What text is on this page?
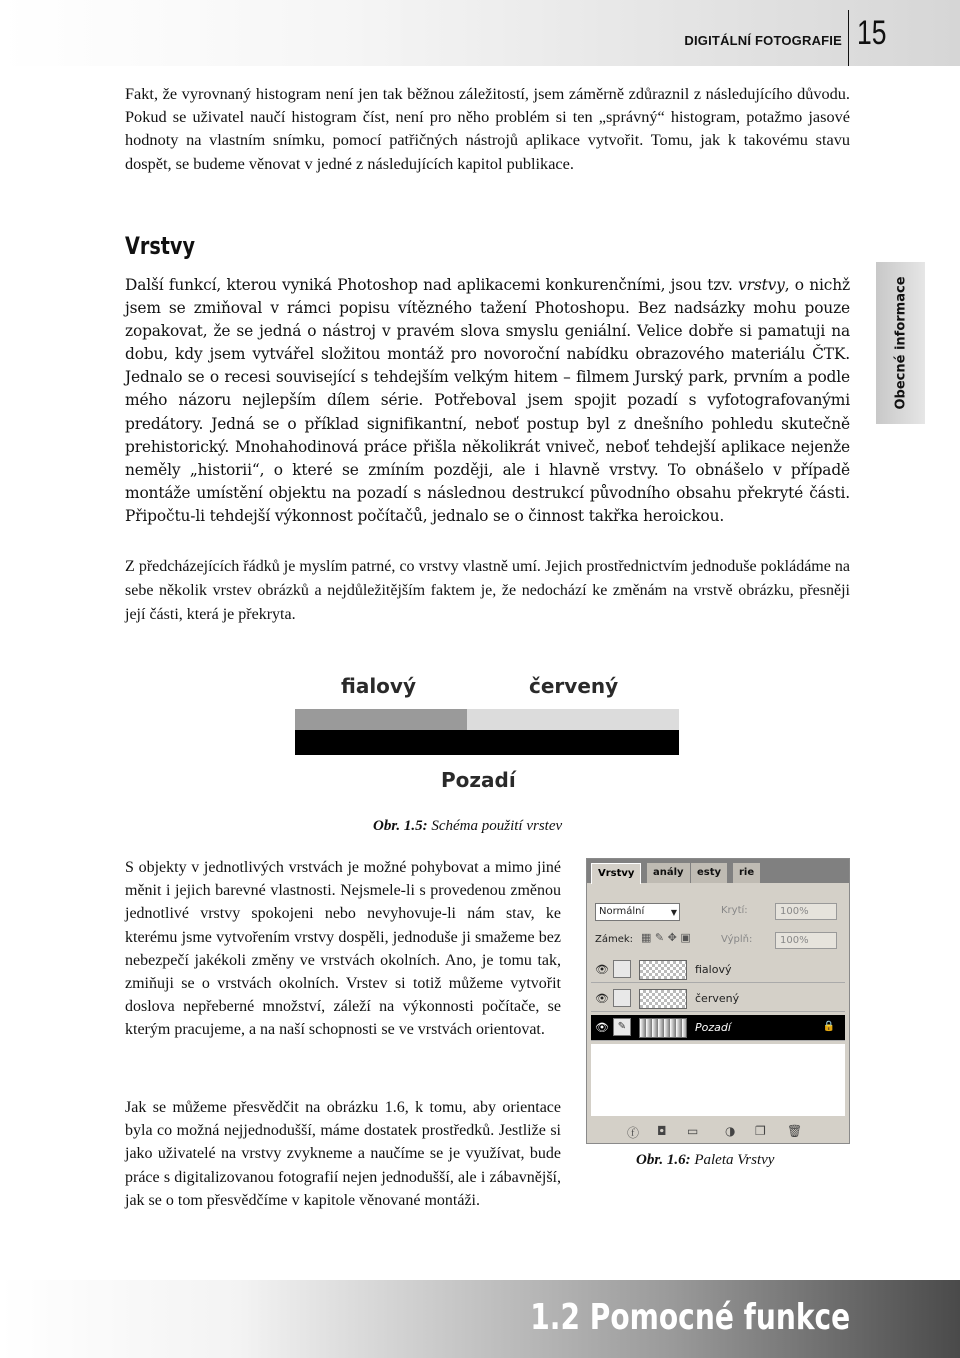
DIGITÁLNÍ FOTOGRAFIE 15

Fakt, že vyrovnaný histogram není jen tak běžnou záležitostí, jsem záměrně zdůraznil z následujícího důvodu. Pokud se uživatel naučí histogram číst, není pro něho problém si ten „správný“ histogram, potažmo jasové hodnoty na vlastním snímku, pomocí patřičných nástrojů aplikace vytvořit. Tomu, jak k takovému stavu dospět, se budeme věnovat v jedné z následujících kapitol publikace.

Vrstvy

Další funkcí, kterou vyniká Photoshop nad aplikacemi konkurenčními, jsou tzv. vrstvy, o nichž jsem se zmiňoval v rámci popisu vítězného tažení Photoshopu. Bez nadsázky mohu pouze zopakovat, že se jedná o nástroj v pravém slova smyslu geniální. Velice dobře si pamatuji na dobu, kdy jsem vytvářel složitou montáž pro novoroční nabídku obrazového materiálu ČTK. Jednalo se o recesi související s tehdejším velkým hitem – filmem Jurský park, prvním a podle mého názoru nejlepším dílem série. Potřeboval jsem spojit pozadí s vyfotografovanými predátory. Jedná se o příklad signifikantní, neboť postup byl z dnešního pohledu skutečně prehistorický. Mnohahodinová práce přišla několikrát vniveč, neboť tehdejší aplikace nejenže neměly „historii“, o které se zmíním později, ale i hlavně vrstvy. To obnášelo v případě montáže umístění objektu na pozadí s následnou destrukcí původního obsahu překryté části. Připočtu-li tehdejší výkonnost počítačů, jednalo se o činnost takřka heroickou.

Z předcházejících řádků je myslím patrné, co vrstvy vlastně umí. Jejich prostřednictvím jednoduše pokládáme na sebe několik vrstev obrázků a nejdůležitějším faktem je, že nedochází ke změnám na vrstvě obrázku, přesněji její části, která je překryta.

Obecné informace
fialový	červený
Pozadí
Obr. 1.5: Schéma použití vrstev

S objekty v jednotlivých vrstvách je možné pohybovat a mimo jiné měnit i jejich barevné vlastnosti. Nejsmele-li s provedenou změnou jednotlivé vrstvy spokojeni nebo nevyhovuje-li nám stav, ke kterému jsme vytvořením vrstvy dospěli, jednoduše ji smažeme bez nebezpečí jakékoli změny ve vrstvách okolních. Ano, je tomu tak, zmiňuji se o vrstvách okolních. Vrstev si totiž můžeme vytvořit doslova nepřeberné množství, záleží na výkonnosti počítače, se kterým pracujeme, a na naší schopnosti se ve vrstvách orientovat.

Jak se můžeme přesvědčit na obrázku 1.6, k tomu, aby orientace byla co možná nejjednodušší, máme dostatek prostředků. Jestliže si jako uživatelé na vrstvy zvykneme a naučíme se je využívat, bude práce s digitalizovanou fotografií nejen jednodušší, ale i zábavnější, jak se o tom přesvědčíme v kapitole věnované montáži.

Vrstvy	anály	esty	rie
Normální	▼	Krytí:	100%
Zámek: ▦ ✎ ✥ ▣	Výplň:	100%
👁	fialový
👁	červený
👁 ✎	Pozadí	🔒
ⓕ ◘ ▭ ◑ ❐ 🗑
Obr. 1.6: Paleta Vrstvy
1.2 Pomocné funkce
